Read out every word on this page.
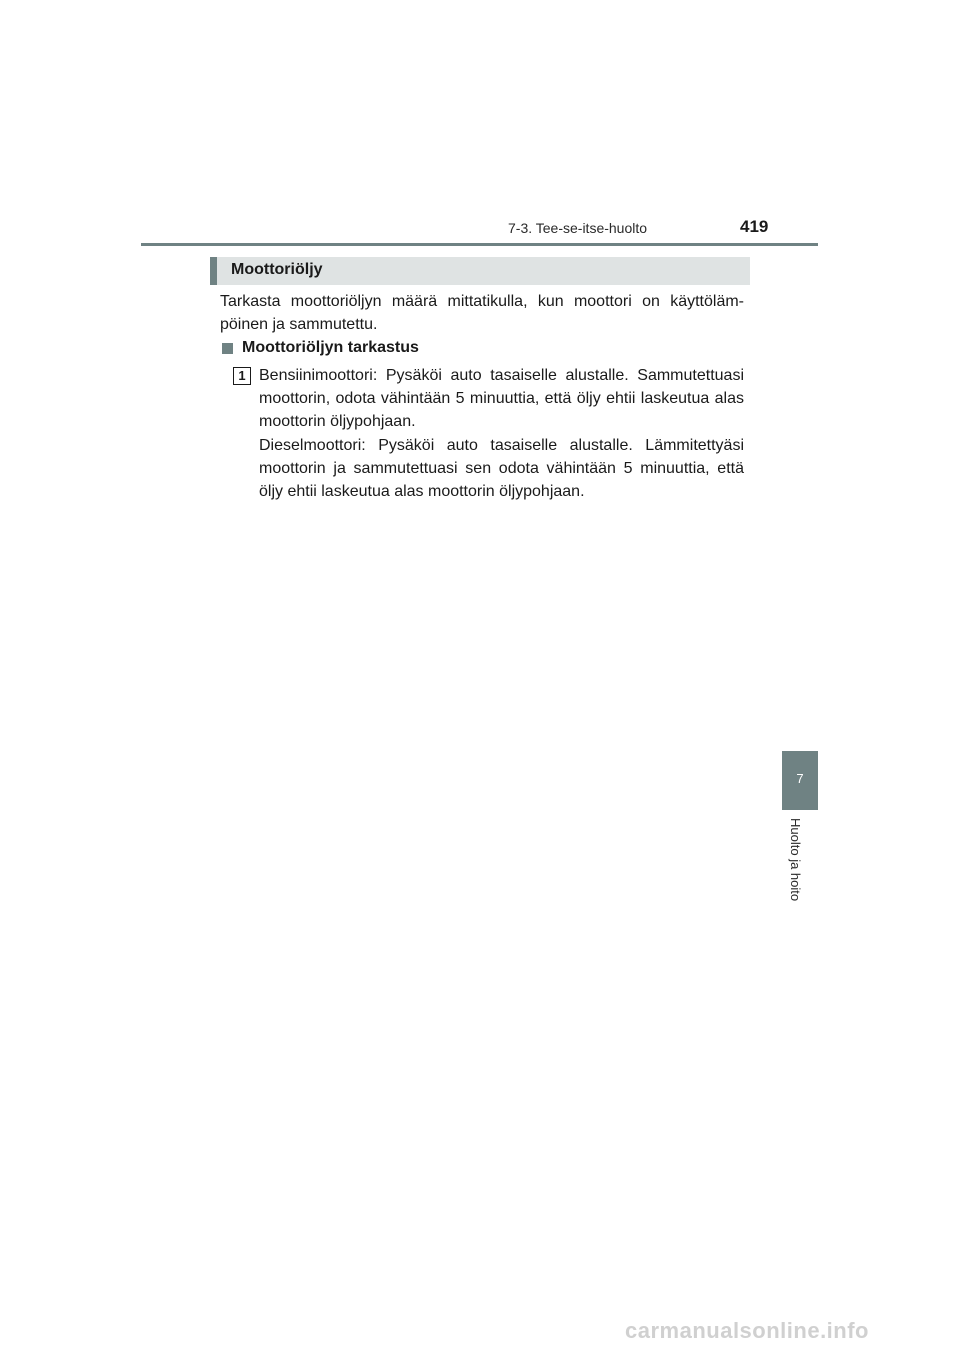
7-3. Tee-se-itse-huolto	419
Moottoriöljy
Tarkasta moottoriöljyn määrä mittatikulla, kun moottori on käyttöläm-pöinen ja sammutettu.
Moottoriöljyn tarkastus
1 Bensiinimoottori: Pysäköi auto tasaiselle alustalle. Sammutettuasi moottorin, odota vähintään 5 minuuttia, että öljy ehtii laskeutua alas moottorin öljypohjaan.
Dieselmoottori: Pysäköi auto tasaiselle alustalle. Lämmitettyäsi moottorin ja sammutettuasi sen odota vähintään 5 minuuttia, että öljy ehtii laskeutua alas moottorin öljypohjaan.
7
Huolto ja hoito
carmanualsonline.info
